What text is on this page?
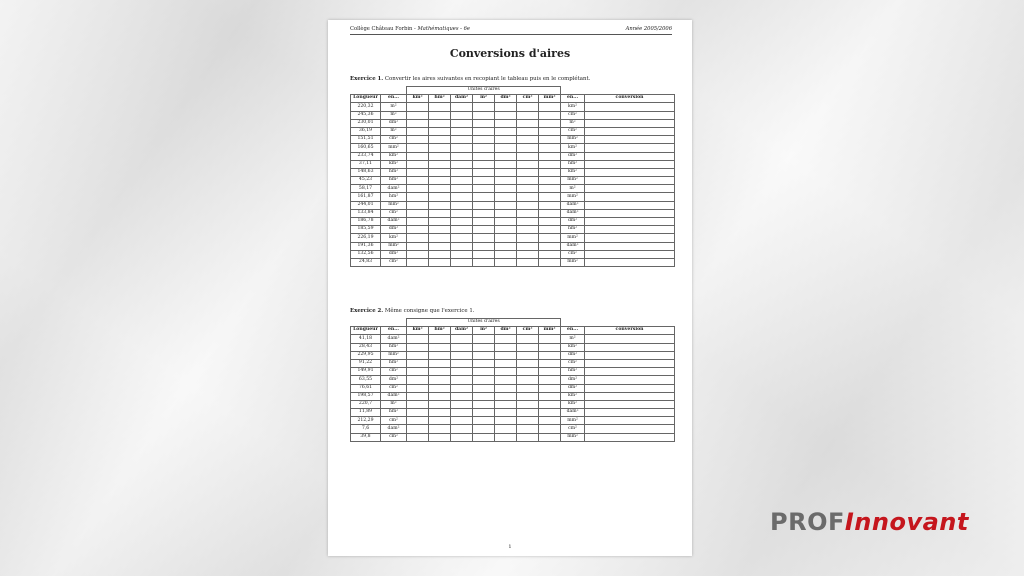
Collège Château Forbin - Mathématiques - 6e	Année 2005/2006
Conversions d'aires
Exercice 1. Convertir les aires suivantes en recopiant le tableau puis en le complétant.
		Unités d'aires								
Longueur	en...	km²	hm²	dam²	m²	dm²	cm²	mm²	en...	conversion
220,32	m²								km²	
245,36	m²								cm²	
230,01	dm²								m²	
36,19	m²								cm²	
151,51	cm²								mm²	
160,65	mm²								km²	
233,74	km²								dm²	
37,11	km²								hm²	
148,63	hm²								km²	
45,23	hm²								mm²	
58,17	dam²								m²	
161,87	hm²								mm²	
244,01	mm²								dam²	
133,84	cm²								dam²	
186,78	dam²								dm²	
185,59	dm²								hm²	
226,19	km²								mm²	
191,36	mm²								dam²	
132,56	dm²								cm²	
24,83	cm²								mm²	
Exercice 2. Même consigne que l'exercice 1.
		Unités d'aires								
Longueur	en...	km²	hm²	dam²	m²	dm²	cm²	mm²	en...	conversion
41,18	dam²								m²	
28,43	hm²								km²	
229,95	mm²								dm²	
91,22	hm²								cm²	
149,91	cm²								hm²	
63,55	dm²								dm²	
76,61	cm²								dm²	
198,57	dam²								km²	
220,7	m²								km²	
11,89	hm²								dam²	
212,29	cm²								mm²	
7,6	dam²								cm²	
39,8	cm²								mm²	
1
PROFInnovant
